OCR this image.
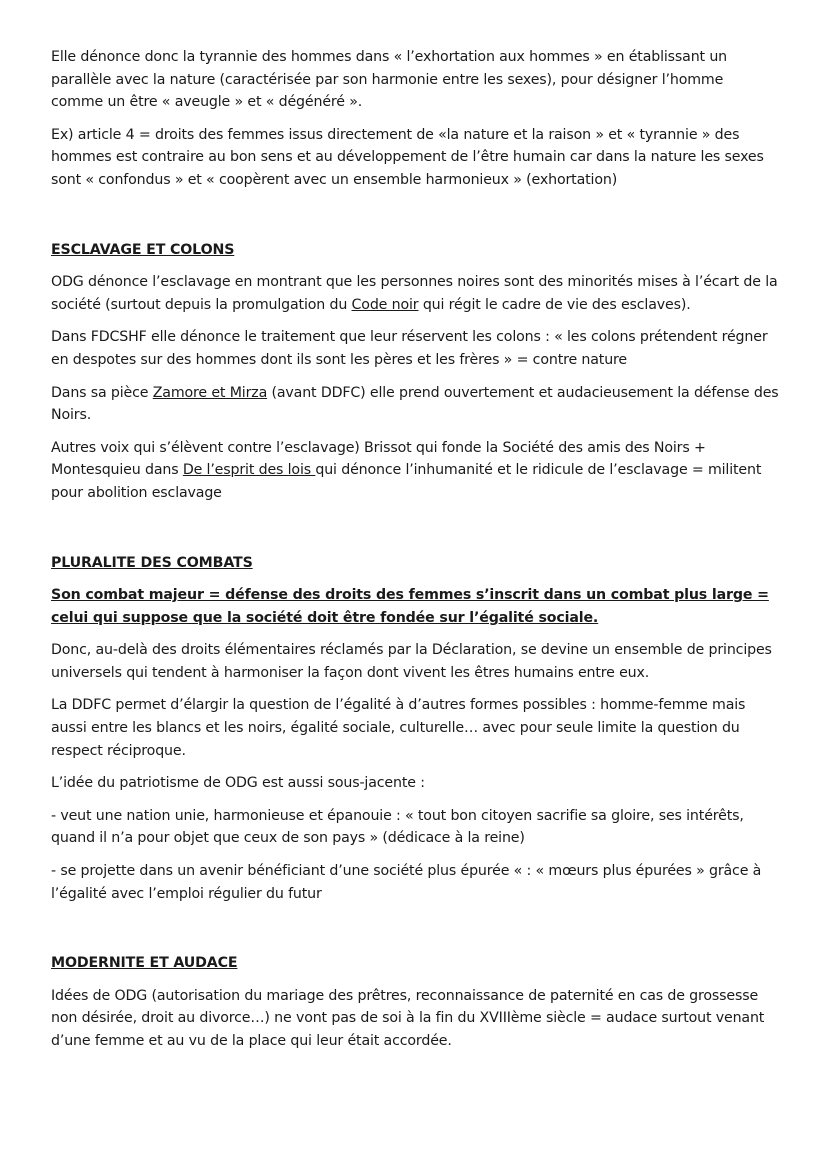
Elle dénonce donc la tyrannie des hommes dans « l’exhortation aux hommes » en établissant un parallèle avec la nature (caractérisée par son harmonie entre les sexes), pour désigner l’homme comme un être « aveugle » et « dégénéré ».

Ex) article 4 = droits des femmes issus directement de «la nature et la raison » et « tyrannie » des hommes est contraire au bon sens et au développement de l’être humain car dans la nature les sexes sont « confondus » et « coopèrent avec un ensemble harmonieux » (exhortation)

ESCLAVAGE ET COLONS

ODG dénonce l’esclavage en montrant que les personnes noires sont des minorités mises à l’écart de la société (surtout depuis la promulgation du Code noir qui régit le cadre de vie des esclaves).

Dans FDCSHF elle dénonce le traitement que leur réservent les colons : « les colons prétendent régner en despotes sur des hommes dont ils sont les pères et les frères » = contre nature

Dans sa pièce Zamore et Mirza (avant DDFC) elle prend ouvertement et audacieusement la défense des Noirs.

Autres voix qui s’élèvent contre l’esclavage) Brissot qui fonde la Société des amis des Noirs + Montesquieu dans De l’esprit des lois qui dénonce l’inhumanité et le ridicule de l’esclavage = militent pour abolition esclavage

PLURALITE DES COMBATS

Son combat majeur = défense des droits des femmes s’inscrit dans un combat plus large = celui qui suppose que la société doit être fondée sur l’égalité sociale.

Donc, au-delà des droits élémentaires réclamés par la Déclaration, se devine un ensemble de principes universels qui tendent à harmoniser la façon dont vivent les êtres humains entre eux.

La DDFC permet d’élargir la question de l’égalité à d’autres formes possibles : homme-femme mais aussi entre les blancs et les noirs, égalité sociale, culturelle… avec pour seule limite la question du respect réciproque.

L’idée du patriotisme de ODG est aussi sous-jacente :

- veut une nation unie, harmonieuse et épanouie : « tout bon citoyen sacrifie sa gloire, ses intérêts, quand il n’a pour objet que ceux de son pays » (dédicace à la reine)

- se projette dans un avenir bénéficiant d’une société plus épurée « : « mœurs plus épurées » grâce à l’égalité avec l’emploi régulier du futur

MODERNITE ET AUDACE

Idées de ODG (autorisation du mariage des prêtres, reconnaissance de paternité en cas de grossesse non désirée, droit au divorce…) ne vont pas de soi à la fin du XVIIIème siècle = audace surtout venant d’une femme et au vu de la place qui leur était accordée.
